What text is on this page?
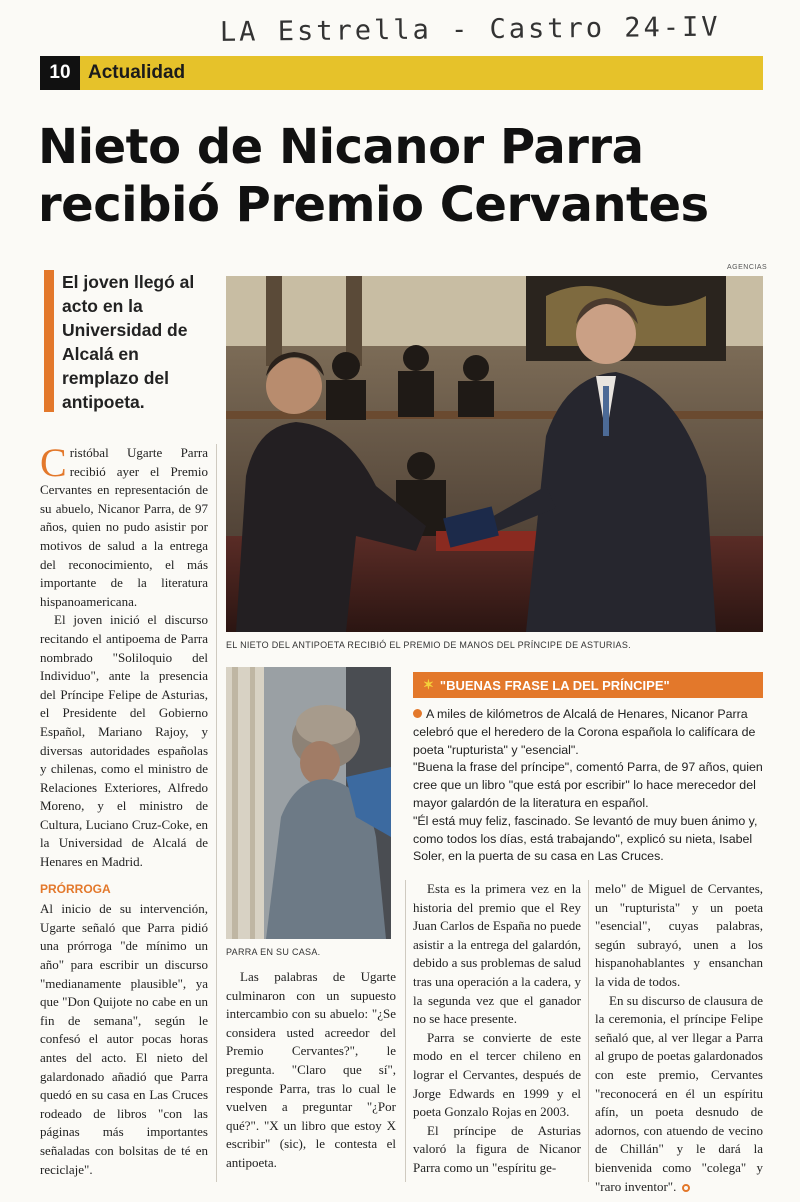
LA Estrella - Castro 24-IV
10 Actualidad
Nieto de Nicanor Parra
recibió Premio Cervantes
El joven llegó al acto en la Universidad de Alcalá en remplazo del antipoeta.
AGENCIAS
EL NIETO DEL ANTIPOETA RECIBIÓ EL PREMIO DE MANOS DEL PRÍNCIPE DE ASTURIAS.
PARRA EN SU CASA.

Cristóbal Ugarte Parra recibió ayer el Premio Cervantes en representación de su abuelo, Nicanor Parra, de 97 años, quien no pudo asistir por motivos de salud a la entrega del reconocimiento, el más importante de la literatura hispanoamericana.

El joven inició el discurso recitando el antipoema de Parra nombrado "Soliloquio del Individuo", ante la presencia del Príncipe Felipe de Asturias, el Presidente del Gobierno Español, Mariano Rajoy, y diversas autoridades españolas y chilenas, como el ministro de Relaciones Exteriores, Alfredo Moreno, y el ministro de Cultura, Luciano Cruz-Coke, en la Universidad de Alcalá de Henares en Madrid.

PRÓRROGA

Al inicio de su intervención, Ugarte señaló que Parra pidió una prórroga "de mínimo un año" para escribir un discurso "medianamente plausible", ya que "Don Quijote no cabe en un fin de semana", según le confesó el autor pocas horas antes del acto. El nieto del galardonado añadió que Parra quedó en su casa en Las Cruces rodeado de libros "con las páginas más importantes señaladas con bolsitas de té en reciclaje".

Las palabras de Ugarte culminaron con un supuesto intercambio con su abuelo: "¿Se considera usted acreedor del Premio Cervantes?", le pregunta. "Claro que sí", responde Parra, tras lo cual le vuelven a preguntar "¿Por qué?". "X un libro que estoy X escribir" (sic), le contesta el antipoeta.

✶ "BUENAS FRASE LA DEL PRÍNCIPE"

A miles de kilómetros de Alcalá de Henares, Nicanor Parra celebró que el heredero de la Corona española lo califícara de poeta "rupturista" y "esencial".

"Buena la frase del príncipe", comentó Parra, de 97 años, quien cree que un libro "que está por escribir" lo hace merecedor del mayor galardón de la literatura en español.

"Él está muy feliz, fascinado. Se levantó de muy buen ánimo y, como todos los días, está trabajando", explicó su nieta, Isabel Soler, en la puerta de su casa en Las Cruces.

Esta es la primera vez en la historia del premio que el Rey Juan Carlos de España no puede asistir a la entrega del galardón, debido a sus problemas de salud tras una operación a la cadera, y la segunda vez que el ganador no se hace presente.

Parra se convierte de este modo en el tercer chileno en lograr el Cervantes, después de Jorge Edwards en 1999 y el poeta Gonzalo Rojas en 2003.

El príncipe de Asturias valoró la figura de Nicanor Parra como un "espíritu ge-

melo" de Miguel de Cervantes, un "rupturista" y un poeta "esencial", cuyas palabras, según subrayó, unen a los hispanohablantes y ensanchan la vida de todos.

En su discurso de clausura de la ceremonia, el príncipe Felipe señaló que, al ver llegar a Parra al grupo de poetas galardonados con este premio, Cervantes "reconocerá en él un espíritu afín, un poeta desnudo de adornos, con atuendo de vecino de Chillán" y le dará la bienvenida como "colega" y "raro inventor".
